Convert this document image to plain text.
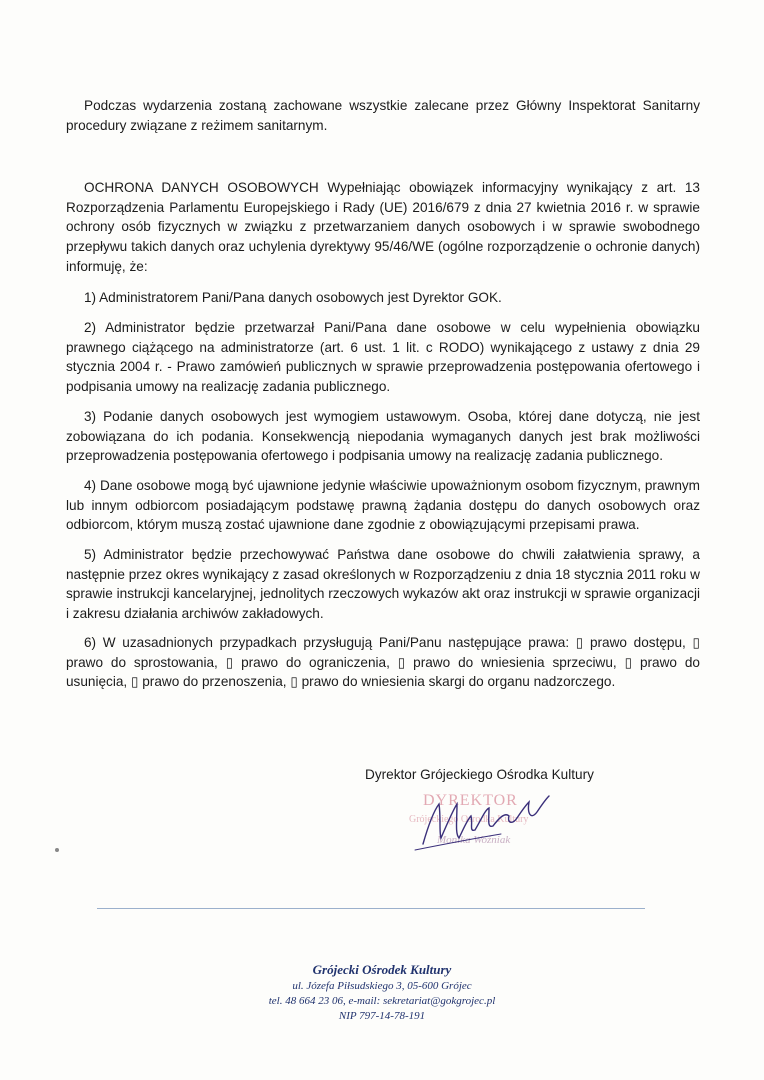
Podczas wydarzenia zostaną zachowane wszystkie zalecane przez Główny Inspektorat Sanitarny procedury związane z reżimem sanitarnym.
OCHRONA DANYCH OSOBOWYCH Wypełniając obowiązek informacyjny wynikający z art. 13 Rozporządzenia Parlamentu Europejskiego i Rady (UE) 2016/679 z dnia 27 kwietnia 2016 r. w sprawie ochrony osób fizycznych w związku z przetwarzaniem danych osobowych i w sprawie swobodnego przepływu takich danych oraz uchylenia dyrektywy 95/46/WE (ogólne rozporządzenie o ochronie danych) informuję, że:
1) Administratorem Pani/Pana danych osobowych jest Dyrektor GOK.
2) Administrator będzie przetwarzał Pani/Pana dane osobowe w celu wypełnienia obowiązku prawnego ciążącego na administratorze (art. 6 ust. 1 lit. c RODO) wynikającego z ustawy z dnia 29 stycznia 2004 r. - Prawo zamówień publicznych w sprawie przeprowadzenia postępowania ofertowego i podpisania umowy na realizację zadania publicznego.
3) Podanie danych osobowych jest wymogiem ustawowym. Osoba, której dane dotyczą, nie jest zobowiązana do ich podania. Konsekwencją niepodania wymaganych danych jest brak możliwości przeprowadzenia postępowania ofertowego i podpisania umowy na realizację zadania publicznego.
4) Dane osobowe mogą być ujawnione jedynie właściwie upoważnionym osobom fizycznym, prawnym lub innym odbiorcom posiadającym podstawę prawną żądania dostępu do danych osobowych oraz odbiorcom, którym muszą zostać ujawnione dane zgodnie z obowiązującymi przepisami prawa.
5) Administrator będzie przechowywać Państwa dane osobowe do chwili załatwienia sprawy, a następnie przez okres wynikający z zasad określonych w Rozporządzeniu z dnia 18 stycznia 2011 roku w sprawie instrukcji kancelaryjnej, jednolitych rzeczowych wykazów akt oraz instrukcji w sprawie organizacji i zakresu działania archiwów zakładowych.
6) W uzasadnionych przypadkach przysługują Pani/Panu następujące prawa: ▯ prawo dostępu, ▯ prawo do sprostowania, ▯ prawo do ograniczenia, ▯ prawo do wniesienia sprzeciwu, ▯ prawo do usunięcia, ▯ prawo do przenoszenia, ▯ prawo do wniesienia skargi do organu nadzorczego.
Dyrektor Grójeckiego Ośrodka Kultury
DYREKTOR
Grójeckiego Ośrodka Kultury
Monika Woźniak
Grójecki Ośrodek Kultury
ul. Józefa Piłsudskiego 3, 05-600 Grójec
tel. 48 664 23 06, e-mail: sekretariat@gokgrojec.pl
NIP 797-14-78-191
